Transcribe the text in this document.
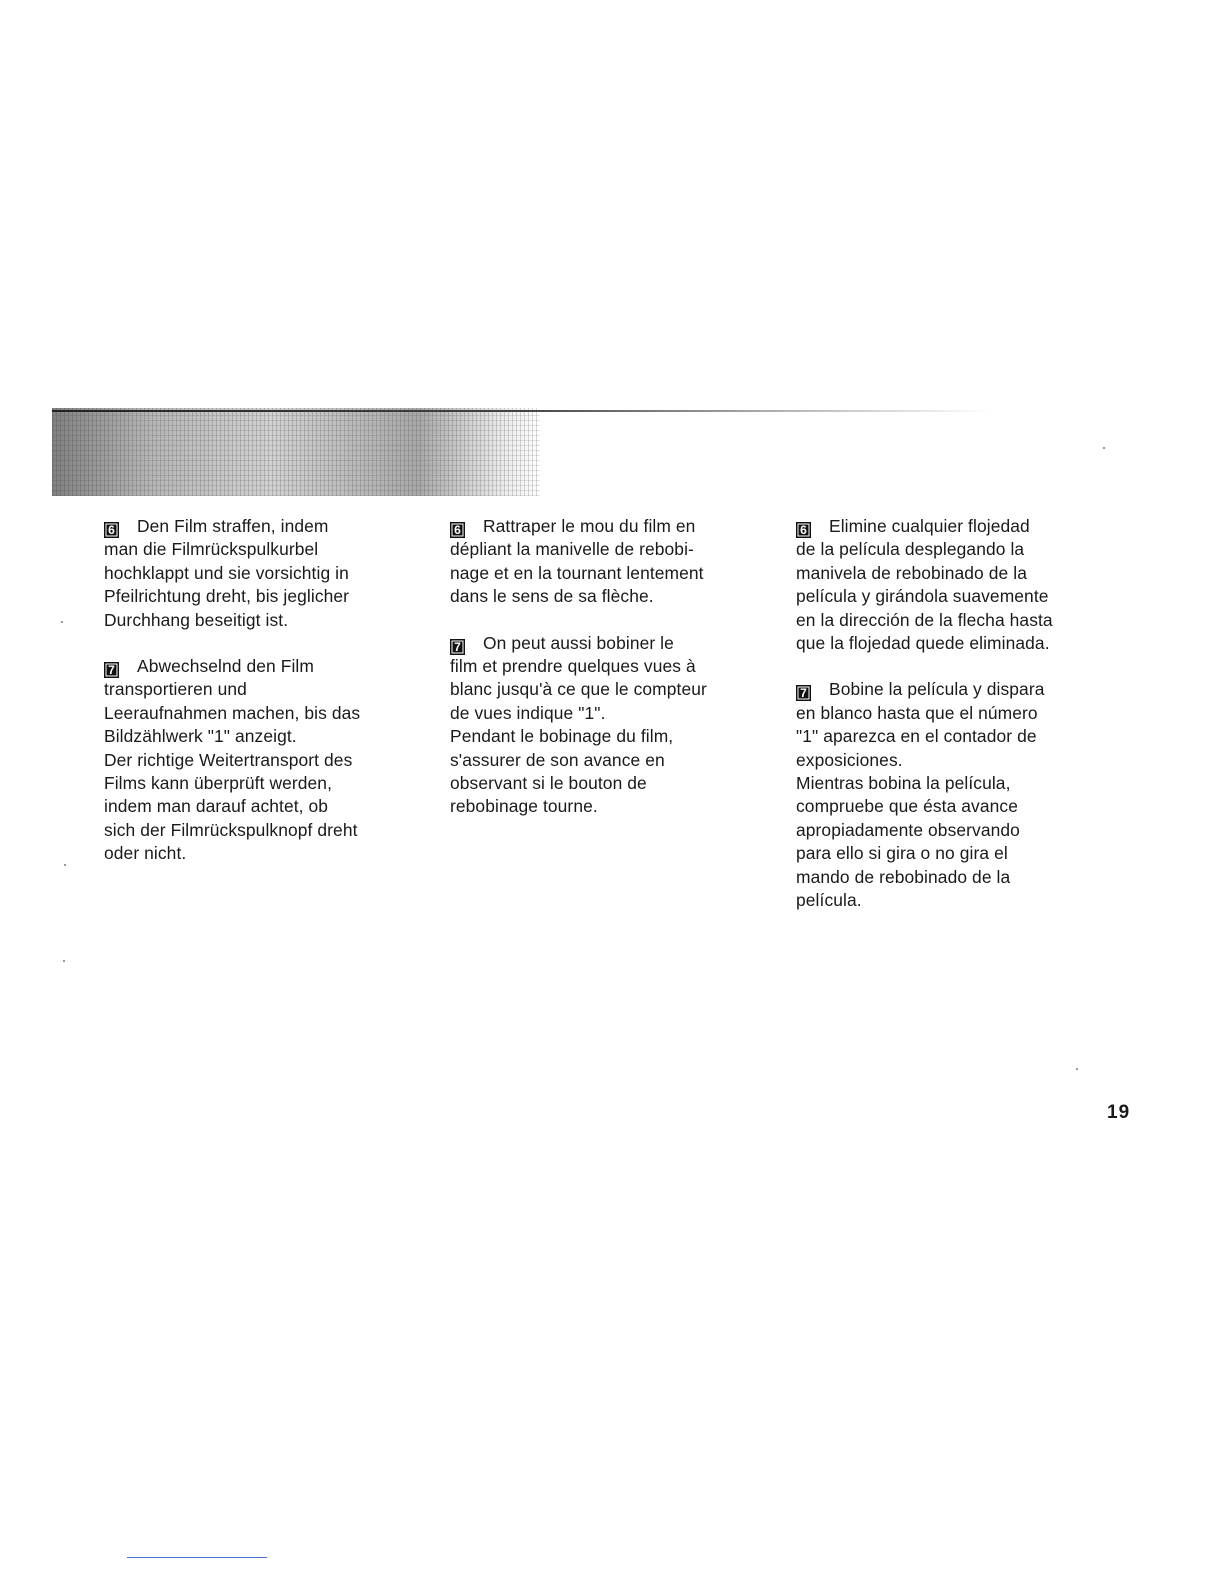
6 Den Film straffen, indem
man die Filmrückspulkurbel
hochklappt und sie vorsichtig in
Pfeilrichtung dreht, bis jeglicher
Durchhang beseitigt ist.
7 Abwechselnd den Film
transportieren und
Leeraufnahmen machen, bis das
Bildzählwerk "1" anzeigt.
Der richtige Weitertransport des
Films kann überprüft werden,
indem man darauf achtet, ob
sich der Filmrückspulknopf dreht
oder nicht.
6 Rattraper le mou du film en
dépliant la manivelle de rebobi-
nage et en la tournant lentement
dans le sens de sa flèche.
7 On peut aussi bobiner le
film et prendre quelques vues à
blanc jusqu'à ce que le compteur
de vues indique "1".
Pendant le bobinage du film,
s'assurer de son avance en
observant si le bouton de
rebobinage tourne.
6 Elimine cualquier flojedad
de la película desplegando la
manivela de rebobinado de la
película y girándola suavemente
en la dirección de la flecha hasta
que la flojedad quede eliminada.
7 Bobine la película y dispara
en blanco hasta que el número
"1" aparezca en el contador de
exposiciones.
Mientras bobina la película,
compruebe que ésta avance
apropiadamente observando
para ello si gira o no gira el
mando de rebobinado de la
película.
19
